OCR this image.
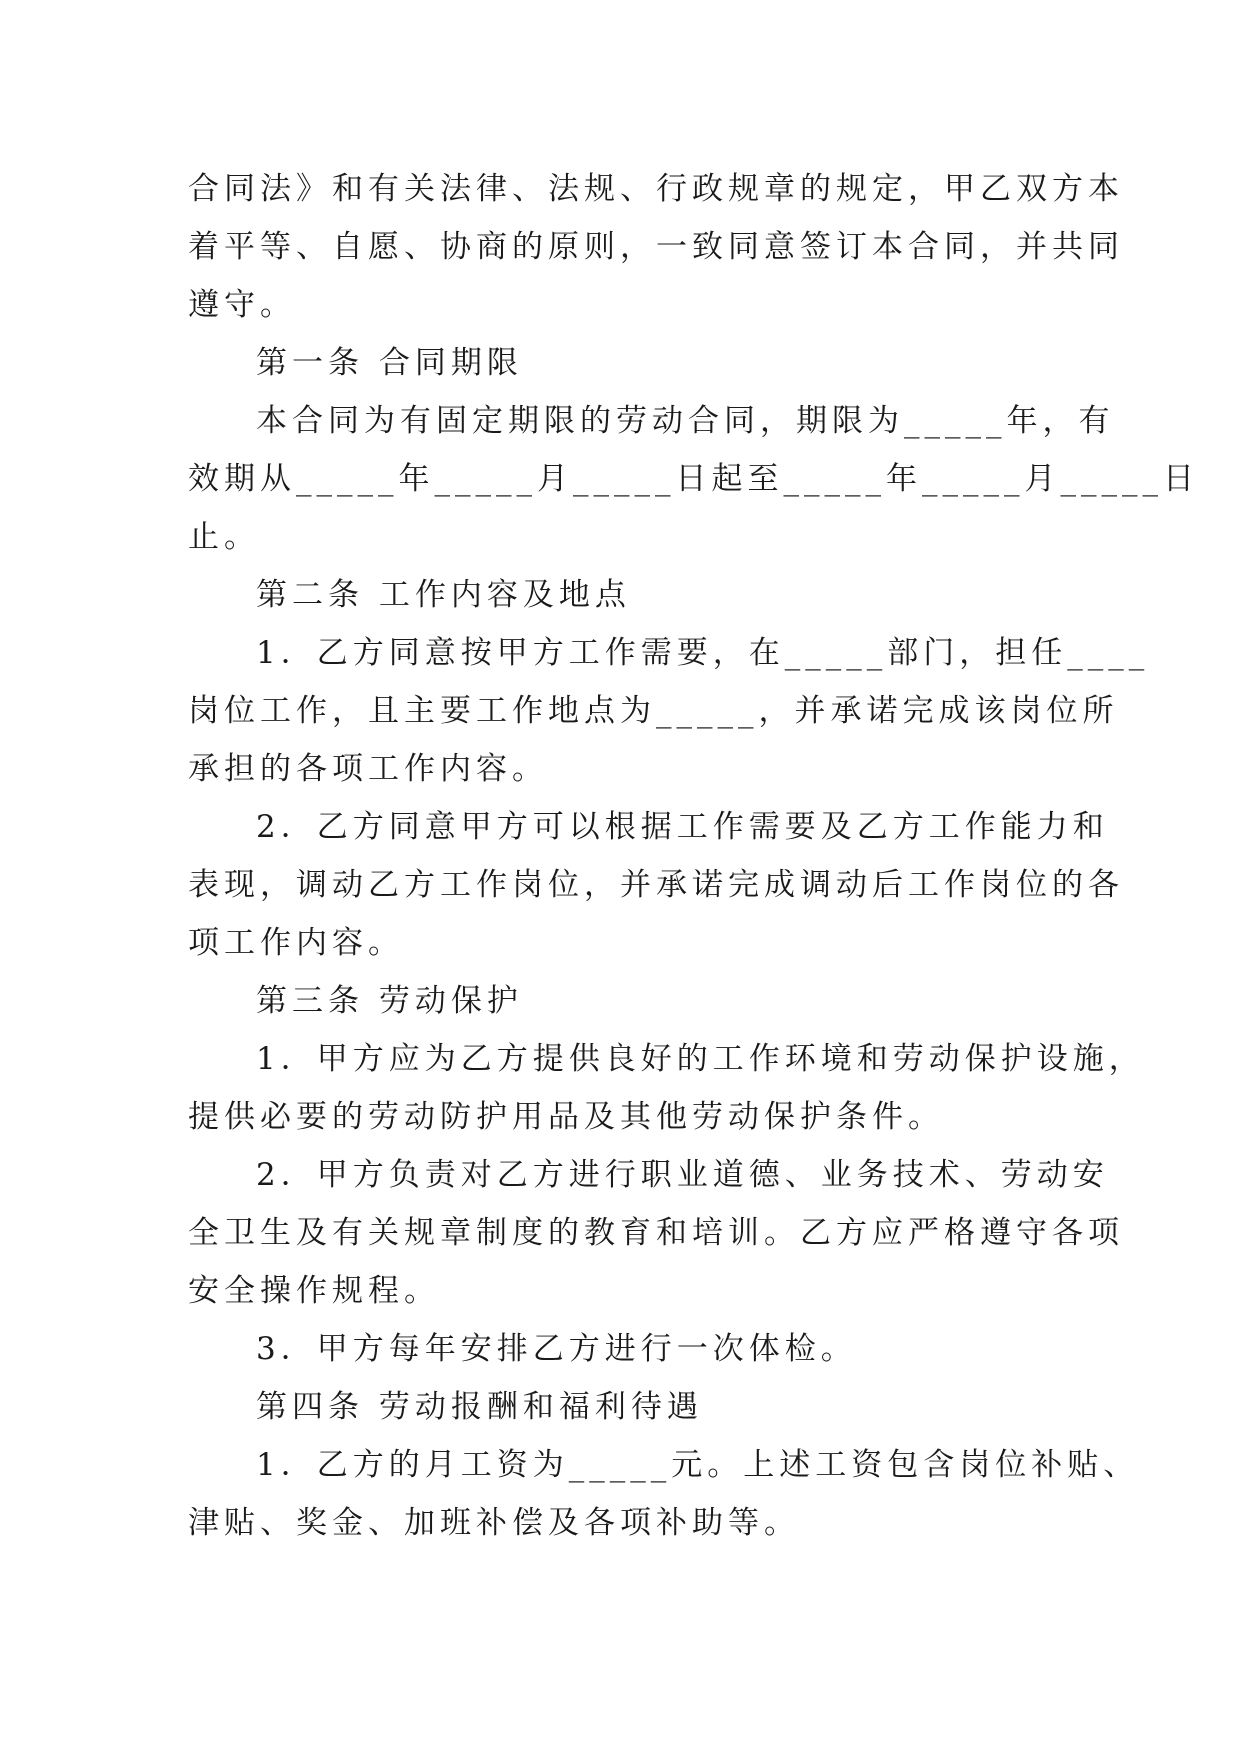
合同法》和有关法律、法规、行政规章的规定，甲乙双方本
着平等、自愿、协商的原则，一致同意签订本合同，并共同
遵守。
第一条 合同期限
本合同为有固定期限的劳动合同，期限为_____年，有
效期从_____年_____月_____日起至_____年_____月_____日
止。
第二条 工作内容及地点
1．乙方同意按甲方工作需要，在_____部门，担任____
岗位工作，且主要工作地点为_____，并承诺完成该岗位所
承担的各项工作内容。
2．乙方同意甲方可以根据工作需要及乙方工作能力和
表现，调动乙方工作岗位，并承诺完成调动后工作岗位的各
项工作内容。
第三条 劳动保护
1．甲方应为乙方提供良好的工作环境和劳动保护设施，
提供必要的劳动防护用品及其他劳动保护条件。
2．甲方负责对乙方进行职业道德、业务技术、劳动安
全卫生及有关规章制度的教育和培训。乙方应严格遵守各项
安全操作规程。
3．甲方每年安排乙方进行一次体检。
第四条 劳动报酬和福利待遇
1．乙方的月工资为_____元。上述工资包含岗位补贴、
津贴、奖金、加班补偿及各项补助等。
